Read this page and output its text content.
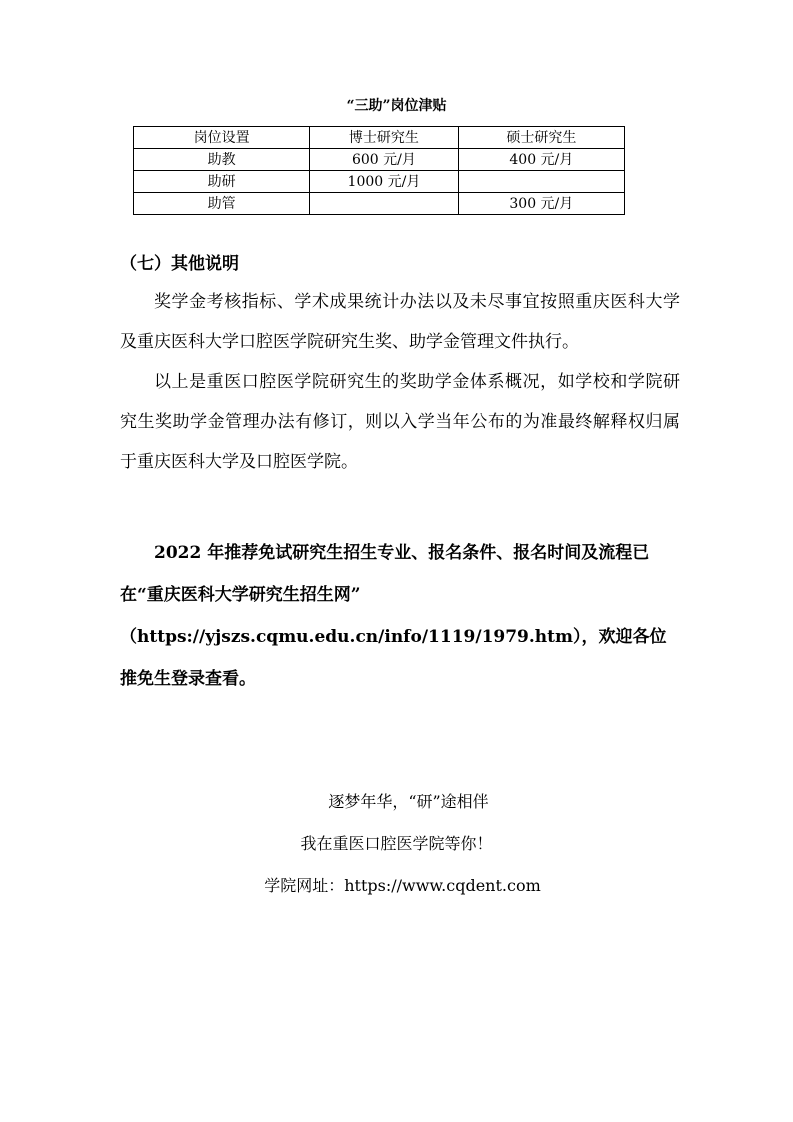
“三助”岗位津贴
岗位设置	博士研究生	硕士研究生
助教	600 元/月	400 元/月
助研	1000 元/月	
助管		300 元/月
（七）其他说明

奖学金考核指标、学术成果统计办法以及未尽事宜按照重庆医科大学及重庆医科大学口腔医学院研究生奖、助学金管理文件执行。

以上是重医口腔医学院研究生的奖助学金体系概况，如学校和学院研究生奖助学金管理办法有修订，则以入学当年公布的为准最终解释权归属于重庆医科大学及口腔医学院。

2022 年推荐免试研究生招生专业、报名条件、报名时间及流程已在“重庆医科大学研究生招生网”

（https://yjszs.cqmu.edu.cn/info/1119/1979.htm），欢迎各位推免生登录查看。

逐梦年华，“研”途相伴
我在重医口腔医学院等你！
学院网址：https://www.cqdent.com
